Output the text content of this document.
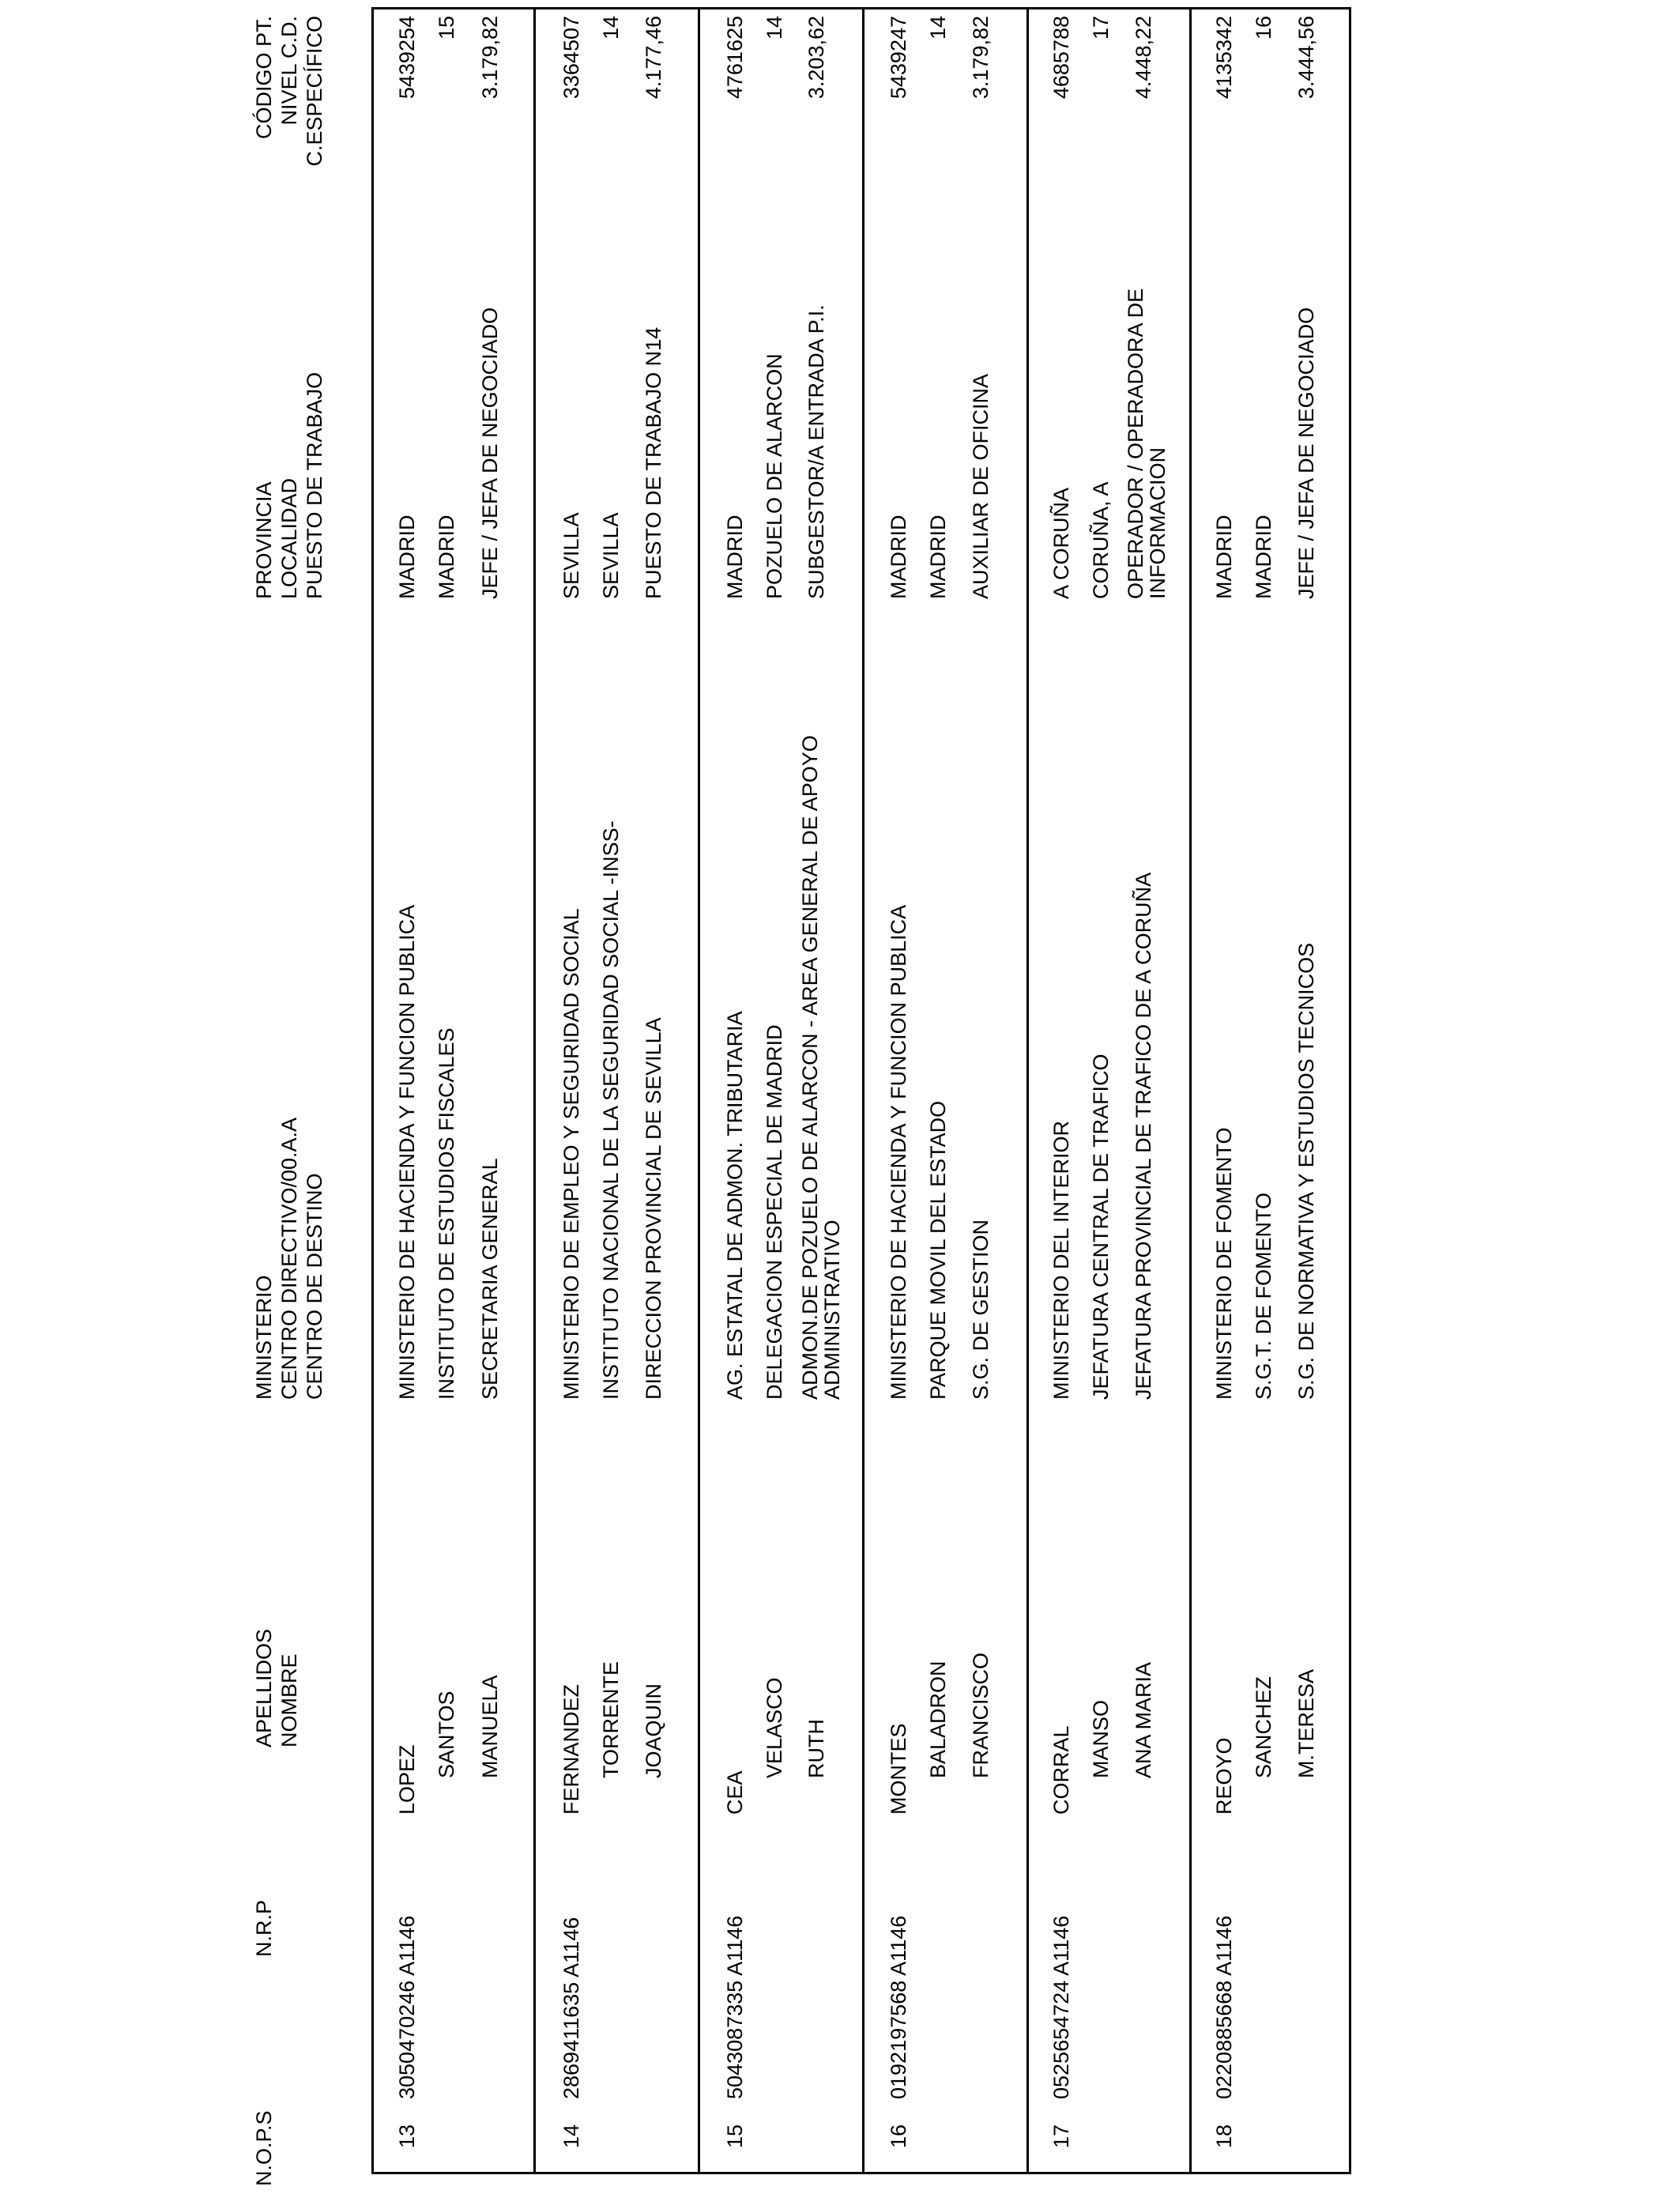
N.O.P.S
N.R.P
APELLIDOS NOMBRE
MINISTERIO CENTRO DIRECTIVO/00.A.A CENTRO DE DESTINO
PROVINCIA LOCALIDAD PUESTO DE TRABAJO
CÓDIGO PT. NIVEL C.D. C.ESPECÍFICO
13
3050470246 A1146
LOPEZ
SANTOS MANUELA
MINISTERIO DE HACIENDA Y FUNCION PUBLICA INSTITUTO DE ESTUDIOS FISCALES SECRETARIA GENERAL
MADRID MADRID JEFE / JEFA DE NEGOCIADO
5439254 15 3.179,82
14
2869411635 A1146
FERNANDEZ TORRENTE JOAQUIN
MINISTERIO DE EMPLEO Y SEGURIDAD SOCIAL INSTITUTO NACIONAL DE LA SEGURIDAD SOCIAL -INSS- DIRECCION PROVINCIAL DE SEVILLA
SEVILLA SEVILLA PUESTO DE TRABAJO N14
3364507 14 4.177,46
15
5043087335 A1146
CEA
VELASCO RUTH
AG. ESTATAL DE ADMON. TRIBUTARIA DELEGACION ESPECIAL DE MADRID ADMON.DE POZUELO DE ALARCON - AREA GENERAL DE APOYO
ADMINISTRATIVO
MADRID POZUELO DE ALARCON SUBGESTOR/A ENTRADA P.I.
4761625 14 3.203,62
16
0192197568 A1146
MONTES BALADRON FRANCISCO
MINISTERIO DE HACIENDA Y FUNCION PUBLICA PARQUE MOVIL DEL ESTADO S.G. DE GESTION
MADRID MADRID AUXILIAR DE OFICINA
5439247 14 3.179,82
17
0525654724 A1146
CORRAL MANSO ANA MARIA
MINISTERIO DEL INTERIOR JEFATURA CENTRAL DE TRAFICO JEFATURA PROVINCIAL DE TRAFICO DE A CORUÑA
A CORUÑA CORUÑA, A OPERADOR / OPERADORA DE
INFORMACION
4685788 17 4.448,22
18
0220885668 A1146
REOYO SANCHEZ M.TERESA
MINISTERIO DE FOMENTO S.G.T. DE FOMENTO S.G. DE NORMATIVA Y ESTUDIOS TECNICOS
MADRID MADRID JEFE / JEFA DE NEGOCIADO
4135342 16 3.444,56
